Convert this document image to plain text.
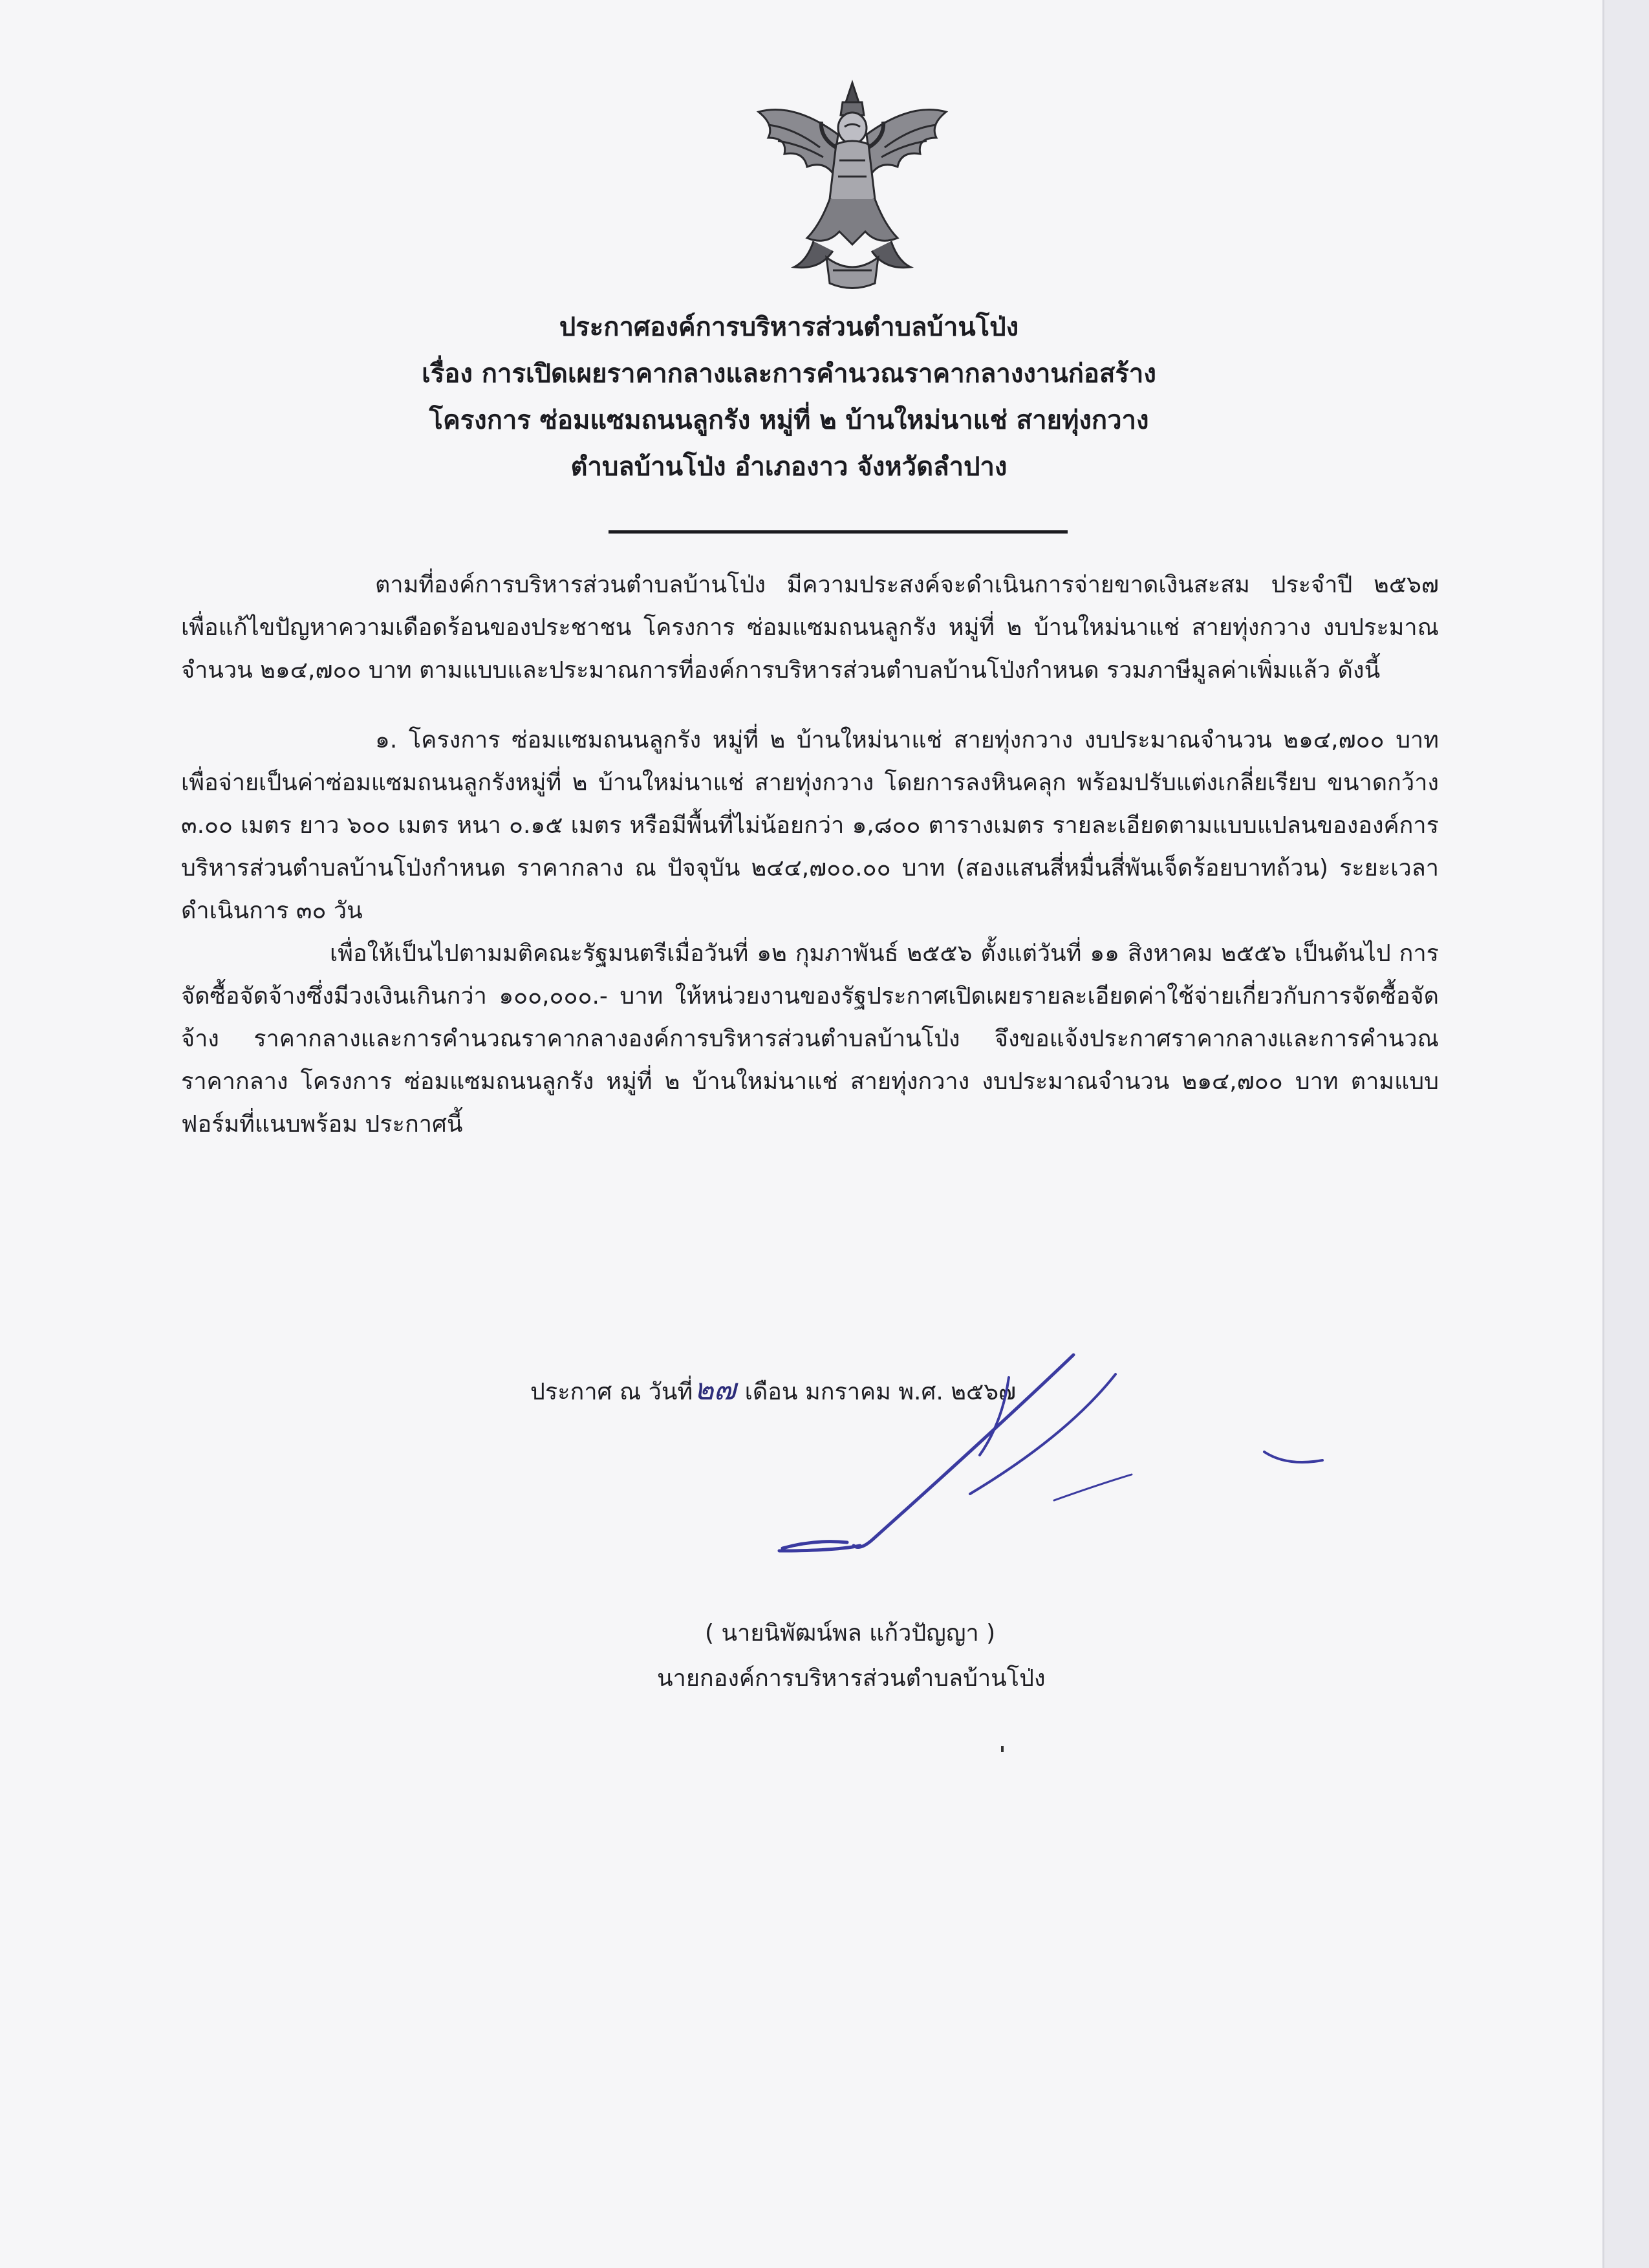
ประกาศองค์การบริหารส่วนตำบลบ้านโป่ง
เรื่อง การเปิดเผยราคากลางและการคำนวณราคากลางงานก่อสร้าง
โครงการ ซ่อมแซมถนนลูกรัง หมู่ที่ ๒ บ้านใหม่นาแช่ สายทุ่งกวาง
ตำบลบ้านโป่ง อำเภองาว จังหวัดลำปาง

ตามที่องค์การบริหารส่วนตำบลบ้านโป่ง มีความประสงค์จะดำเนินการจ่ายขาดเงินสะสม ประจำปี ๒๕๖๗ เพื่อแก้ไขปัญหาความเดือดร้อนของประชาชน โครงการ ซ่อมแซมถนนลูกรัง หมู่ที่ ๒ บ้านใหม่นาแช่ สายทุ่งกวาง งบประมาณจำนวน ๒๑๔,๗๐๐ บาท ตามแบบและประมาณการที่องค์การบริหารส่วนตำบลบ้านโป่งกำหนด รวมภาษีมูลค่าเพิ่มแล้ว ดังนี้

๑. โครงการ ซ่อมแซมถนนลูกรัง หมู่ที่ ๒ บ้านใหม่นาแช่ สายทุ่งกวาง งบประมาณจำนวน ๒๑๔,๗๐๐ บาท เพื่อจ่ายเป็นค่าซ่อมแซมถนนลูกรังหมู่ที่ ๒ บ้านใหม่นาแช่ สายทุ่งกวาง โดยการลงหินคลุก พร้อมปรับแต่งเกลี่ยเรียบ ขนาดกว้าง ๓.๐๐ เมตร ยาว ๖๐๐ เมตร หนา ๐.๑๕ เมตร หรือมีพื้นที่ไม่น้อยกว่า ๑,๘๐๐ ตารางเมตร รายละเอียดตามแบบแปลนขององค์การบริหารส่วนตำบลบ้านโป่งกำหนด ราคากลาง ณ ปัจจุบัน ๒๔๔,๗๐๐.๐๐ บาท (สองแสนสี่หมื่นสี่พันเจ็ดร้อยบาทถ้วน) ระยะเวลาดำเนินการ ๓๐ วัน

เพื่อให้เป็นไปตามมติคณะรัฐมนตรีเมื่อวันที่ ๑๒ กุมภาพันธ์ ๒๕๕๖ ตั้งแต่วันที่ ๑๑ สิงหาคม ๒๕๕๖ เป็นต้นไป การจัดซื้อจัดจ้างซึ่งมีวงเงินเกินกว่า ๑๐๐,๐๐๐.- บาท ให้หน่วยงานของรัฐประกาศเปิดเผยรายละเอียดค่าใช้จ่ายเกี่ยวกับการจัดซื้อจัดจ้าง ราคากลางและการคำนวณราคากลางองค์การบริหารส่วนตำบลบ้านโป่ง จึงขอแจ้งประกาศราคากลางและการคำนวณราคากลาง โครงการ ซ่อมแซมถนนลูกรัง หมู่ที่ ๒ บ้านใหม่นาแช่ สายทุ่งกวาง งบประมาณจำนวน ๒๑๔,๗๐๐ บาท ตามแบบฟอร์มที่แนบพร้อม ประกาศนี้

ประกาศ ณ วันที่๒๗ เดือน มกราคม พ.ศ. ๒๕๖๗
( นายนิพัฒน์พล แก้วปัญญา )
นายกองค์การบริหารส่วนตำบลบ้านโป่ง
